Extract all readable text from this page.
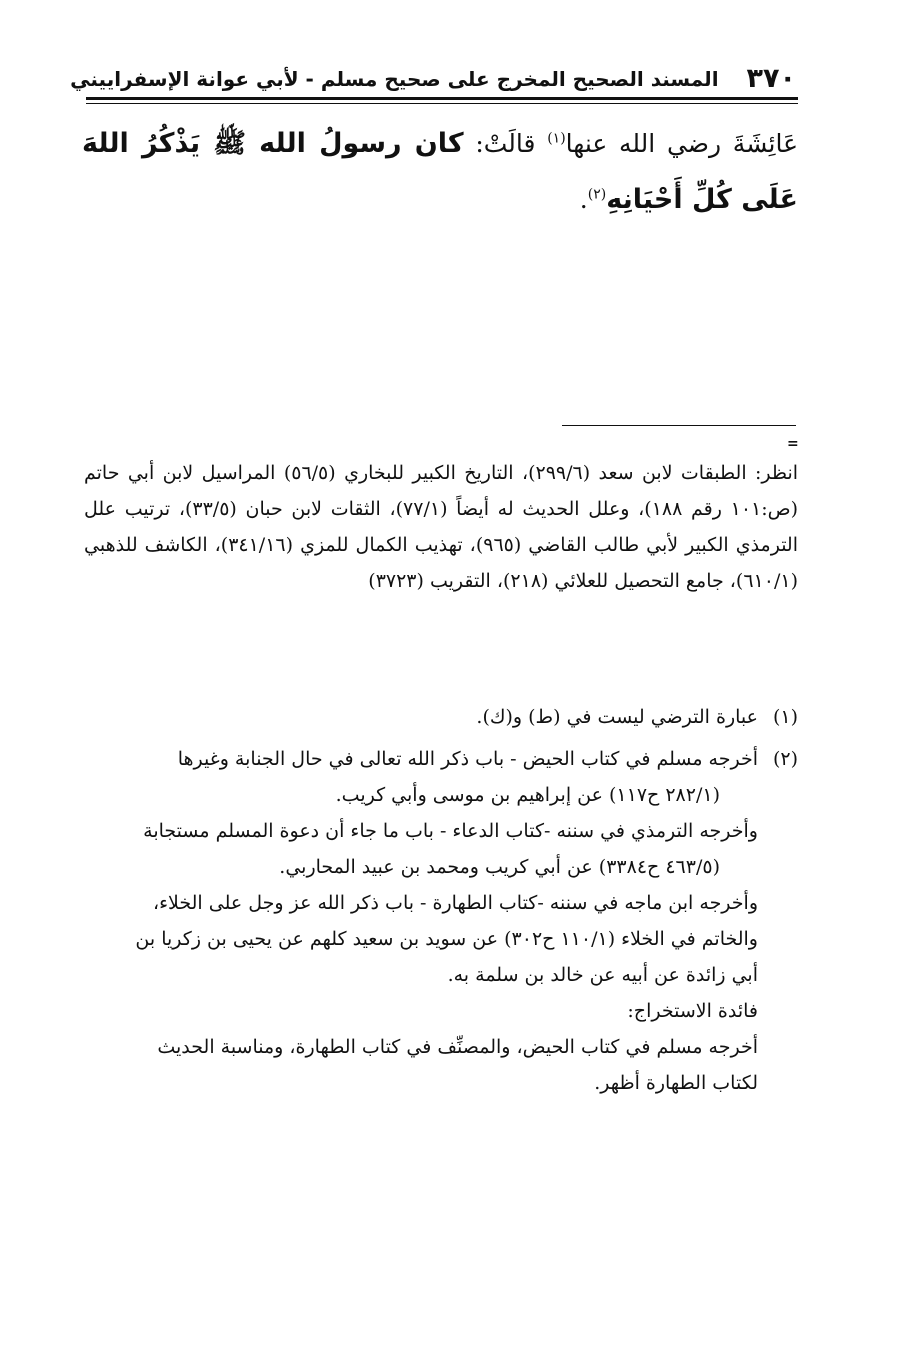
٣٧٠
المسند الصحيح المخرج على صحيح مسلم - لأبي عوانة الإسفراييني
عَائِشَةَ رضي الله عنها$^{(١)}$ قالَتْ: كان رسولُ الله ﷺ يَذْكُرُ اللهَ عَلَى كُلِّ أَحْيَانِهِ$^{(٢)}$.
=
انظر: الطبقات لابن سعد (٢٩٩/٦)، التاريخ الكبير للبخاري (٥٦/٥) المراسيل لابن أبي حاتم (ص:١٠١ رقم ١٨٨)، وعلل الحديث له أيضاً (٧٧/١)، الثقات لابن حبان (٣٣/٥)، ترتيب علل الترمذي الكبير لأبي طالب القاضي (٩٦٥)، تهذيب الكمال للمزي (٣٤١/١٦)، الكاشف للذهبي (٦١٠/١)، جامع التحصيل للعلائي (٢١٨)، التقريب (٣٧٢٣)
(١)عبارة الترضي ليست في (ط) و(ك).
(٢)أخرجه مسلم في كتاب الحيض - باب ذكر الله تعالى في حال الجنابة وغيرها
(٢٨٢/١ ح١١٧) عن إبراهيم بن موسى وأبي كريب.
وأخرجه الترمذي في سننه -كتاب الدعاء - باب ما جاء أن دعوة المسلم مستجابة
(٤٦٣/٥ ح٣٣٨٤) عن أبي كريب ومحمد بن عبيد المحاربي.
وأخرجه ابن ماجه في سننه -كتاب الطهارة - باب ذكر الله عز وجل على الخلاء،
والخاتم في الخلاء (١١٠/١ ح٣٠٢) عن سويد بن سعيد كلهم عن يحيى بن زكريا بن
أبي زائدة عن أبيه عن خالد بن سلمة به.
فائدة الاستخراج:
أخرجه مسلم في كتاب الحيض، والمصنِّف في كتاب الطهارة، ومناسبة الحديث
لكتاب الطهارة أظهر.
